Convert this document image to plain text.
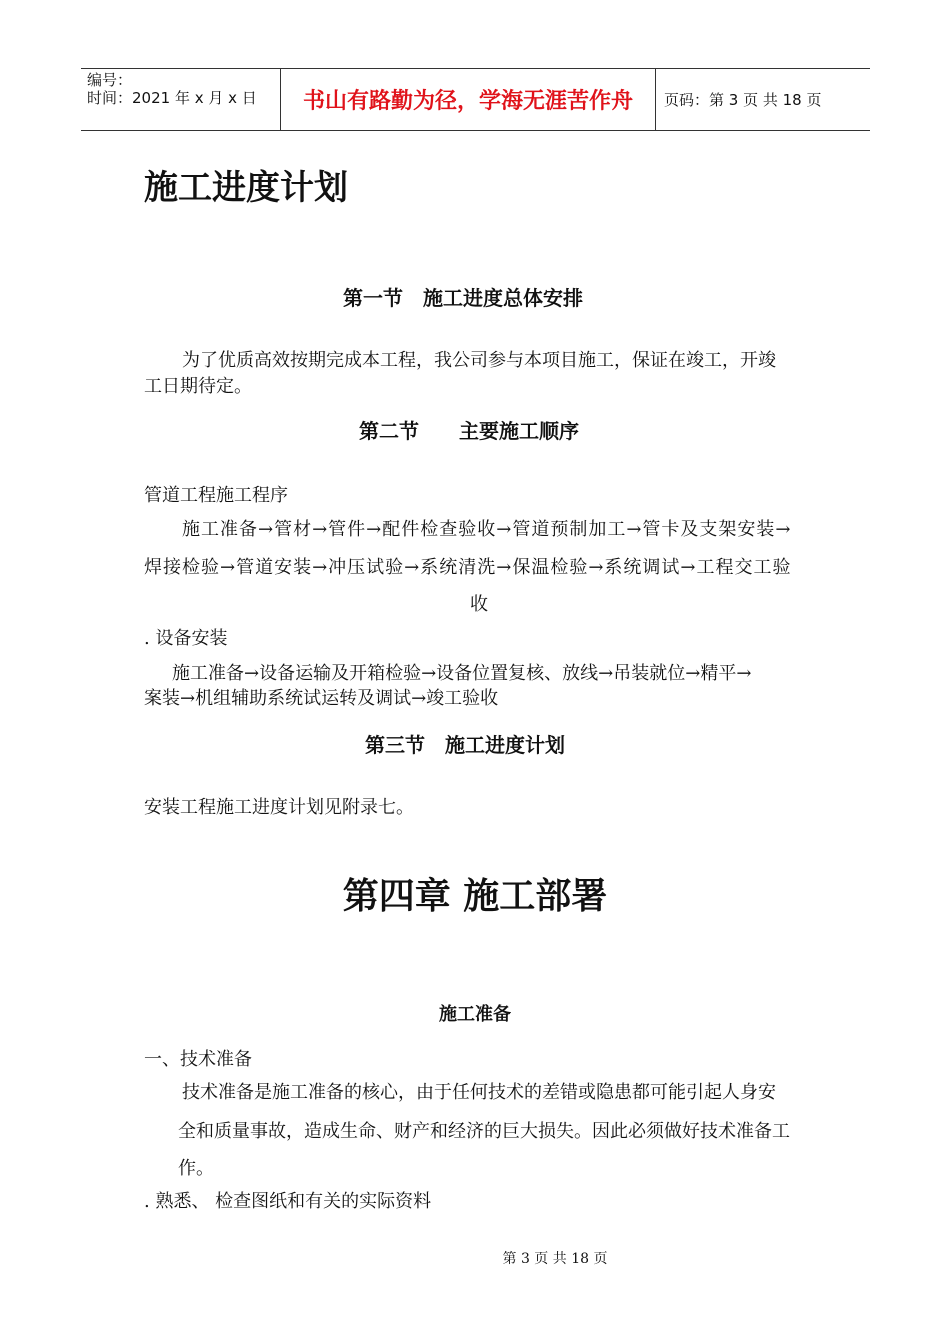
编号：
时间：2021 年 x 月 x 日	书山有路勤为径，学海无涯苦作舟	页码：第 3 页 共 18 页
施工进度计划
第一节　施工进度总体安排
为了优质高效按期完成本工程，我公司参与本项目施工，保证在竣工，开竣
工日期待定。
第二节　　主要施工顺序
管道工程施工程序
施工准备→管材→管件→配件检查验收→管道预制加工→管卡及支架安装→
焊接检验→管道安装→冲压试验→系统清洗→保温检验→系统调试→工程交工验
收
. 设备安装
施工准备→设备运输及开箱检验→设备位置复核、放线→吊装就位→精平→
案装→机组辅助系统试运转及调试→竣工验收
第三节　施工进度计划
安装工程施工进度计划见附录七。
第四章 施工部署
施工准备
一、技术准备
技术准备是施工准备的核心，由于任何技术的差错或隐患都可能引起人身安
全和质量事故，造成生命、财产和经济的巨大损失。因此必须做好技术准备工
作。
. 熟悉、 检查图纸和有关的实际资料
第 3 页 共 18 页
